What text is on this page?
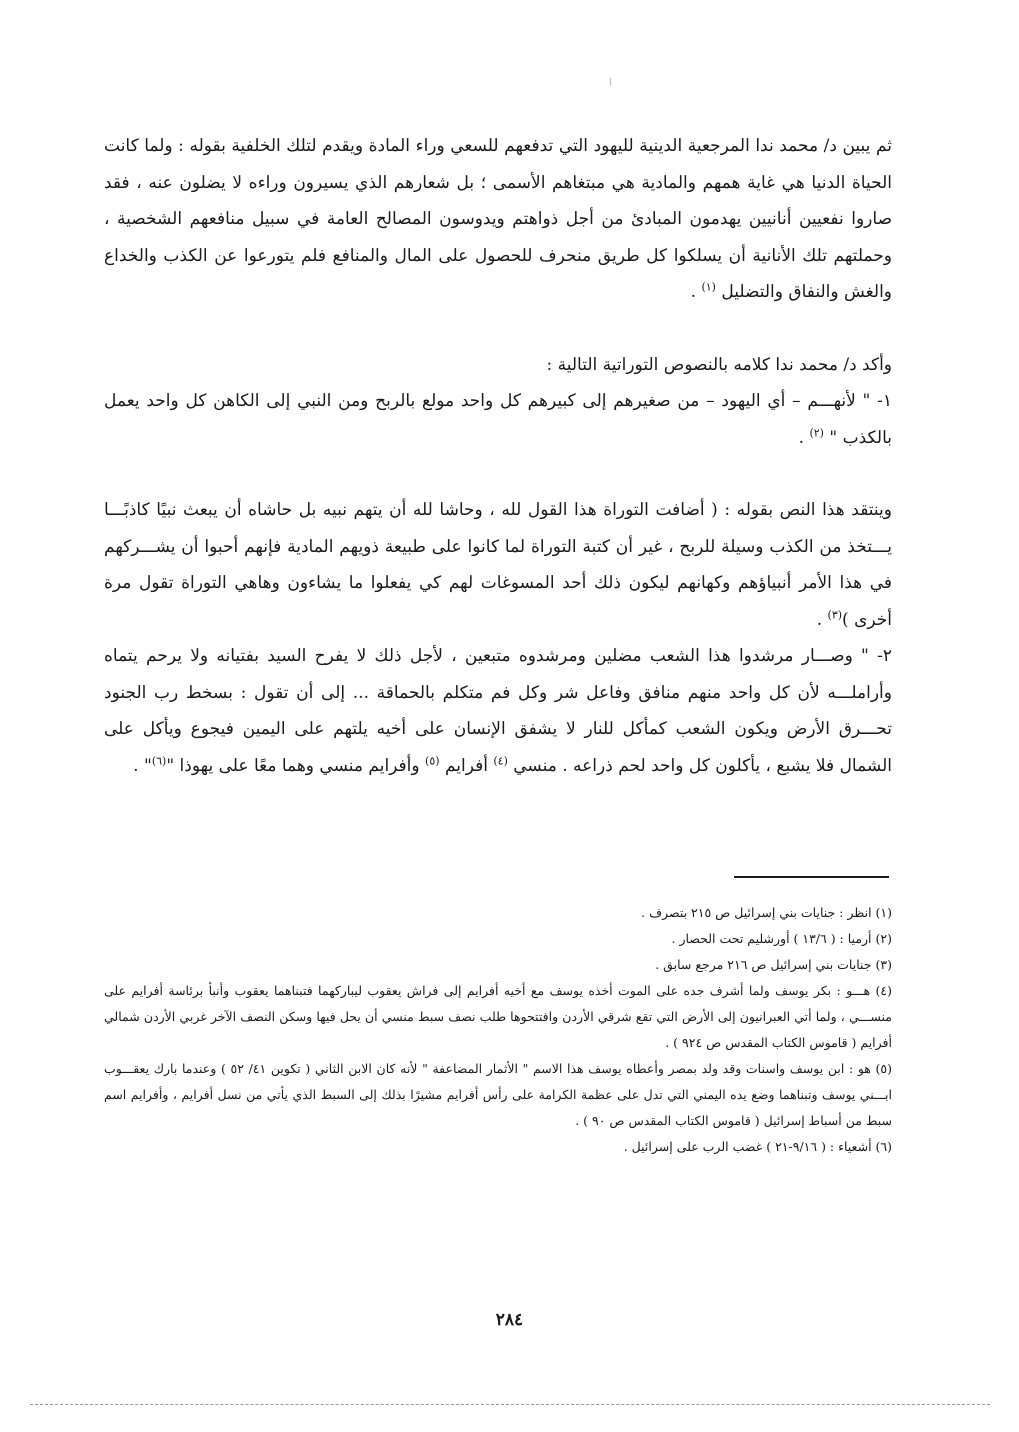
ثم يبين د/ محمد ندا المرجعية الدينية لليهود التي تدفعهم للسعي وراء المادة ويقدم لتلك الخلفية بقوله : ولما كانت الحياة الدنيا هي غاية همهم والمادية هي مبتغاهم الأسمى ؛ بل شعارهم الذي يسيرون وراءه لا يضلون عنه ، فقد صاروا نفعيين أنانيين يهدمون المبادئ من أجل ذواهتم ويدوسون المصالح العامة في سبيل منافعهم الشخصية ، وحملتهم تلك الأنانية أن يسلكوا كل طريق منحرف للحصول على المال والمنافع فلم يتورعوا عن الكذب والخداع والغش والنفاق والتضليل $^{(١)}$ .

وأكد د/ محمد ندا كلامه بالنصوص التوراتية التالية :

١- " لأنهـــم – أي اليهود – من صغيرهم إلى كبيرهم كل واحد مولع بالربح ومن النبي إلى الكاهن كل واحد يعمل بالكذب " $^{(٢)}$ .

وينتقد هذا النص بقوله : ( أضافت التوراة هذا القول لله ، وحاشا لله أن يتهم نبيه بل حاشاه أن يبعث نبيًا كاذبًـــا يـــتخذ من الكذب وسيلة للربح ، غير أن كتبة التوراة لما كانوا على طبيعة ذويهم المادية فإنهم أحبوا أن يشـــركهم في هذا الأمر أنبياؤهم وكهانهم ليكون ذلك أحد المسوغات لهم كي يفعلوا ما يشاءون وهاهي التوراة تقول مرة أخرى )$^{(٣)}$ .

٢- " وصـــار مرشدوا هذا الشعب مضلين ومرشدوه متبعين ، لأجل ذلك لا يفرح السيد بفتيانه ولا يرحم يتماه وأراملـــه لأن كل واحد منهم منافق وفاعل شر وكل فم متكلم بالحماقة ... إلى أن تقول : بسخط رب الجنود تحـــرق الأرض ويكون الشعب كمأكل للنار لا يشفق الإنسان على أخيه يلتهم على اليمين فيجوع ويأكل على الشمال فلا يشبع ، يأكلون كل واحد لحم ذراعه . منسي $^{(٤)}$ أفرايم $^{(٥)}$ وأفرايم منسي وهما معًا على يهوذا "$^{(٦)}$" .

(١) انظر : جنايات بني إسرائيل ص ٢١٥ بتصرف .

(٢) أرميا : ( ١٣/٦ ) أورشليم تحت الحصار .

(٣) جنايات بني إسرائيل ص ٢١٦ مرجع سابق .

(٤) هـــو : بكر يوسف ولما أشرف جده على الموت أخذه يوسف مع أخيه أفرايم إلى فراش يعقوب ليباركهما فتبناهما يعقوب وأنبأ برئاسة أفرايم على منســـي ، ولما أتي العبرانيون إلى الأرض التي تقع شرقي الأردن وافتتحوها طلب نصف سبط منسي أن يحل فيها وسكن النصف الآخر غربي الأردن شمالي أفرايم ( قاموس الكتاب المقدس ص ٩٢٤ ) .

(٥) هو : ابن يوسف واسنات وقد ولد بمصر وأعطاه يوسف هذا الاسم " الأثمار المضاعفة " لأنه كان الابن الثاني ( تكوين ٤١/ ٥٢ ) وعندما بارك يعقـــوب ابـــني يوسف وتبناهما وضع يده اليمني التي تدل على عظمة الكرامة على رأس أفرايم مشيرًا بذلك إلى السبط الذي يأتي من نسل أفرايم ، وأفرايم اسم سبط من أسباط إسرائيل ( قاموس الكتاب المقدس ص ٩٠ ) .

(٦) أشعياء : ( ٩/١٦-٢١ ) غضب الرب على إسرائيل .

٢٨٤
